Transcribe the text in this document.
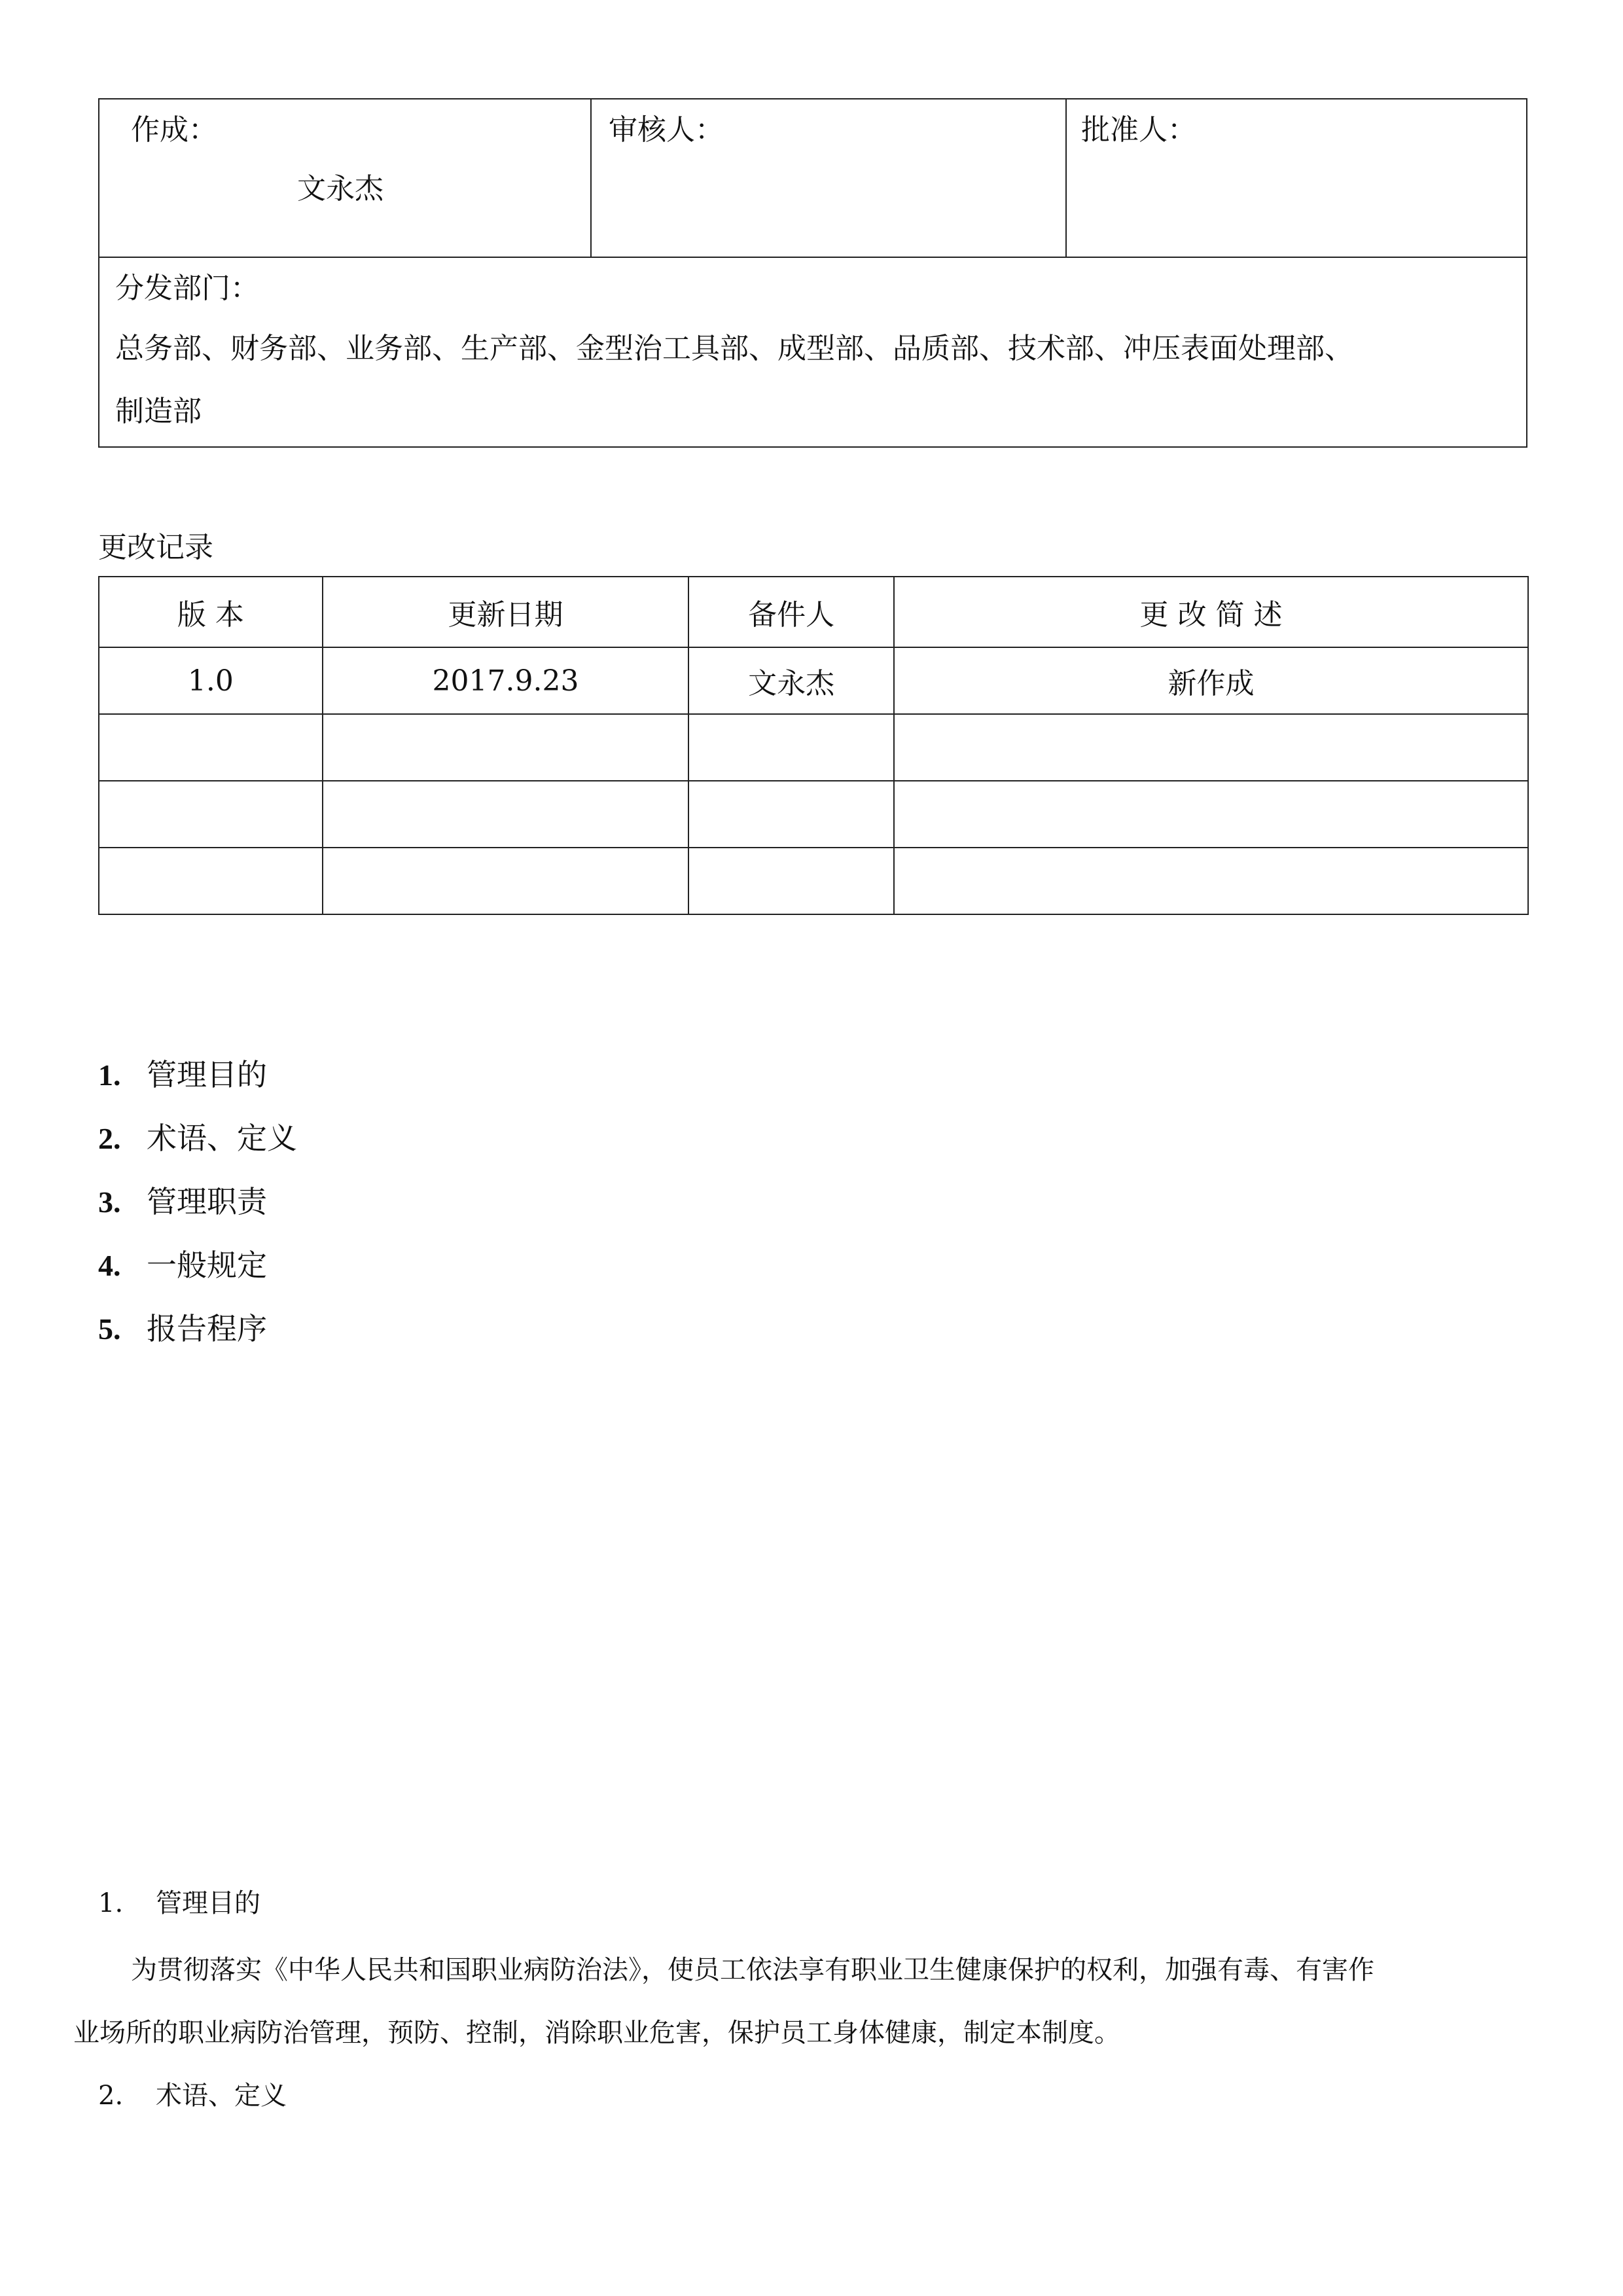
作成：
文永杰
审核人：	批准人：
分发部门：
总务部、财务部、业务部、生产部、金型治工具部、成型部、品质部、技术部、冲压表面处理部、
制造部
更改记录
版 本	更新日期	备件人	更 改 简 述
1.0	2017.9.23	文永杰	新作成

1. 管理目的
2. 术语、定义
3. 管理职责
4. 一般规定
5. 报告程序
1. 管理目的
为贯彻落实《中华人民共和国职业病防治法》，使员工依法享有职业卫生健康保护的权利，加强有毒、有害作
业场所的职业病防治管理，预防、控制，消除职业危害，保护员工身体健康，制定本制度。
2. 术语、定义
